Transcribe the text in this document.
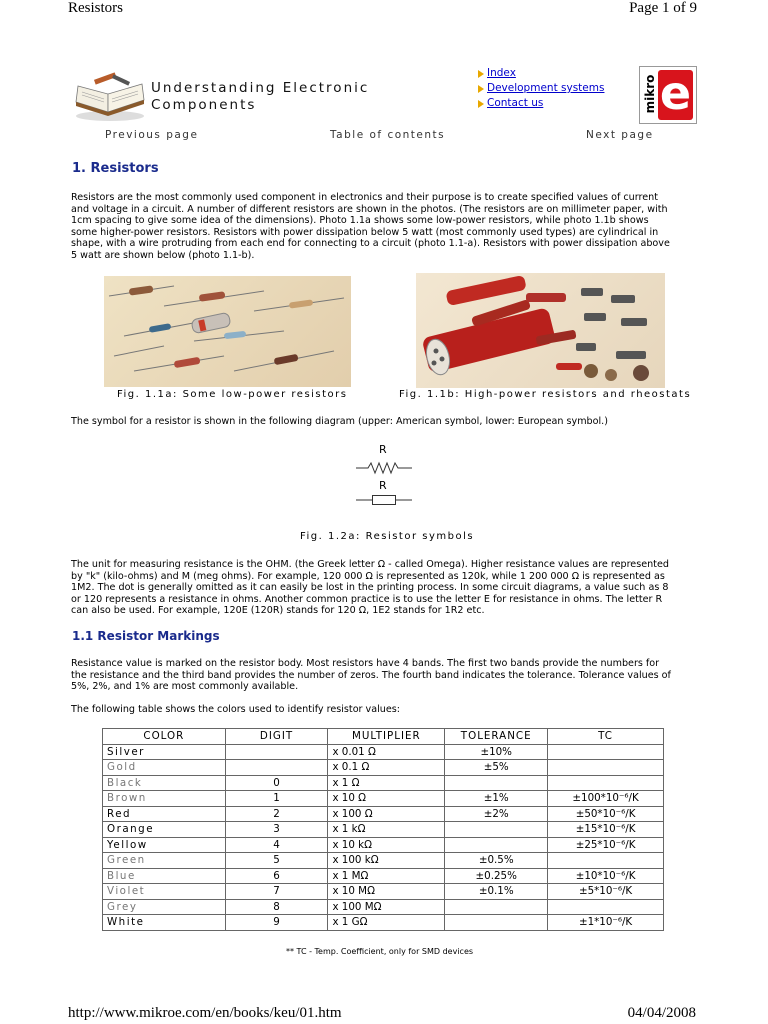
Resistors	Page 1 of 9
Understanding Electronic
Components
Index
Development systems
Contact us	mikro e
Previous page	Table of contents	Next page
1. Resistors
Resistors are the most commonly used component in electronics and their purpose is to create specified values of current
and voltage in a circuit. A number of different resistors are shown in the photos. (The resistors are on millimeter paper, with
1cm spacing to give some idea of the dimensions). Photo 1.1a shows some low-power resistors, while photo 1.1b shows
some higher-power resistors. Resistors with power dissipation below 5 watt (most commonly used types) are cylindrical in
shape, with a wire protruding from each end for connecting to a circuit (photo 1.1-a). Resistors with power dissipation above
5 watt are shown below (photo 1.1-b).
Fig. 1.1a: Some low-power resistors	Fig. 1.1b: High-power resistors and rheostats
The symbol for a resistor is shown in the following diagram (upper: American symbol, lower: European symbol.)
R
R
Fig. 1.2a: Resistor symbols
The unit for measuring resistance is the OHM. (the Greek letter Ω - called Omega). Higher resistance values are represented
by "k" (kilo-ohms) and M (meg ohms). For example, 120 000 Ω is represented as 120k, while 1 200 000 Ω is represented as
1M2. The dot is generally omitted as it can easily be lost in the printing process. In some circuit diagrams, a value such as 8
or 120 represents a resistance in ohms. Another common practice is to use the letter E for resistance in ohms. The letter R
can also be used. For example, 120E (120R) stands for 120 Ω, 1E2 stands for 1R2 etc.
1.1 Resistor Markings
Resistance value is marked on the resistor body. Most resistors have 4 bands. The first two bands provide the numbers for
the resistance and the third band provides the number of zeros. The fourth band indicates the tolerance. Tolerance values of
5%, 2%, and 1% are most commonly available.
The following table shows the colors used to identify resistor values:
COLOR	DIGIT	MULTIPLIER	TOLERANCE	TC
Silver		x 0.01 Ω	±10%	
Gold		x 0.1 Ω	±5%	
Black	0	x 1 Ω		
Brown	1	x 10 Ω	±1%	±100*10⁻⁶/K
Red	2	x 100 Ω	±2%	±50*10⁻⁶/K
Orange	3	x 1 kΩ		±15*10⁻⁶/K
Yellow	4	x 10 kΩ		±25*10⁻⁶/K
Green	5	x 100 kΩ	±0.5%	
Blue	6	x 1 MΩ	±0.25%	±10*10⁻⁶/K
Violet	7	x 10 MΩ	±0.1%	±5*10⁻⁶/K
Grey	8	x 100 MΩ		
White	9	x 1 GΩ		±1*10⁻⁶/K
** TC - Temp. Coefficient, only for SMD devices
http://www.mikroe.com/en/books/keu/01.htm	04/04/2008
